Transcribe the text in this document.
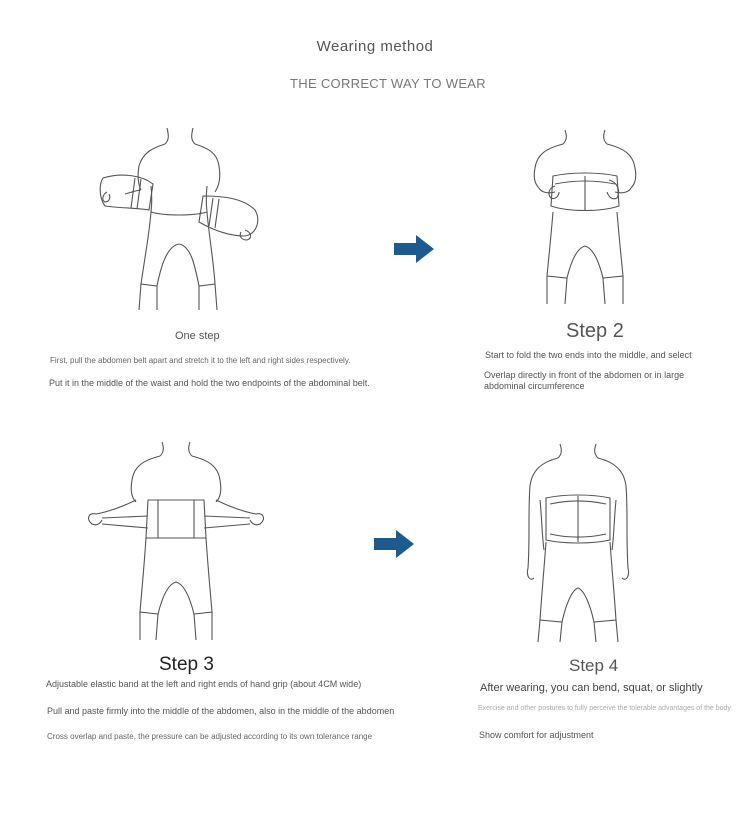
Wearing method
THE CORRECT WAY TO WEAR
One step
First, pull the abdomen belt apart and stretch it to the left and right sides respectively.
Put it in the middle of the waist and hold the two endpoints of the abdominal belt.
Step 2
Start to fold the two ends into the middle, and select
Overlap directly in front of the abdomen or in large abdominal circumference
Step 3
Adjustable elastic band at the left and right ends of hand grip (about 4CM wide)
Pull and paste firmly into the middle of the abdomen, also in the middle of the abdomen
Cross overlap and paste, the pressure can be adjusted according to its own tolerance range
Step 4
After wearing, you can bend, squat, or slightly
Exercise and other postures to fully perceive the tolerable advantages of the body
Show comfort for adjustment
